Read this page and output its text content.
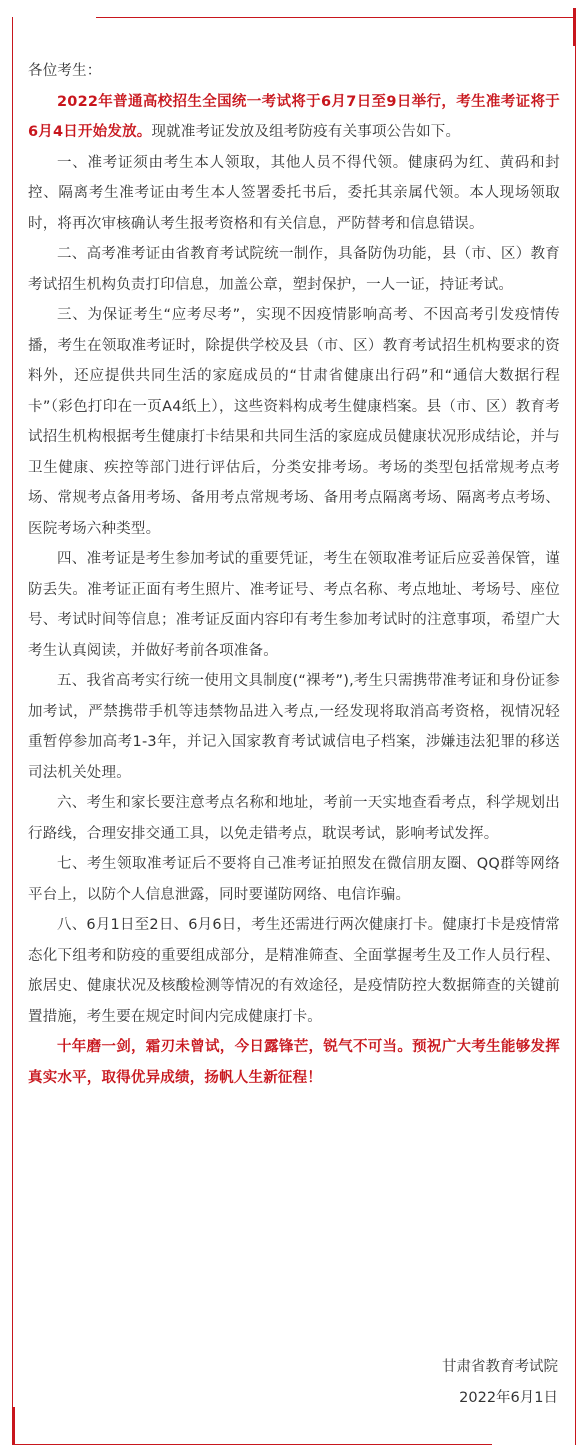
各位考生：

2022年普通高校招生全国统一考试将于6月7日至9日举行，考生准考证将于6月4日开始发放。现就准考证发放及组考防疫有关事项公告如下。

一、准考证须由考生本人领取，其他人员不得代领。健康码为红、黄码和封控、隔离考生准考证由考生本人签署委托书后，委托其亲属代领。本人现场领取时，将再次审核确认考生报考资格和有关信息，严防替考和信息错误。

二、高考准考证由省教育考试院统一制作，具备防伪功能，县（市、区）教育考试招生机构负责打印信息，加盖公章，塑封保护，一人一证，持证考试。

三、为保证考生“应考尽考”，实现不因疫情影响高考、不因高考引发疫情传播，考生在领取准考证时，除提供学校及县（市、区）教育考试招生机构要求的资料外，还应提供共同生活的家庭成员的“甘肃省健康出行码”和“通信大数据行程卡”（彩色打印在一页A4纸上），这些资料构成考生健康档案。县（市、区）教育考试招生机构根据考生健康打卡结果和共同生活的家庭成员健康状况形成结论，并与卫生健康、疾控等部门进行评估后，分类安排考场。考场的类型包括常规考点考场、常规考点备用考场、备用考点常规考场、备用考点隔离考场、隔离考点考场、医院考场六种类型。

四、准考证是考生参加考试的重要凭证，考生在领取准考证后应妥善保管，谨防丢失。准考证正面有考生照片、准考证号、考点名称、考点地址、考场号、座位号、考试时间等信息；准考证反面内容印有考生参加考试时的注意事项，希望广大考生认真阅读，并做好考前各项准备。

五、我省高考实行统一使用文具制度(“裸考”),考生只需携带准考证和身份证参加考试，严禁携带手机等违禁物品进入考点,一经发现将取消高考资格，视情况轻重暂停参加高考1-3年，并记入国家教育考试诚信电子档案，涉嫌违法犯罪的移送司法机关处理。

六、考生和家长要注意考点名称和地址，考前一天实地查看考点，科学规划出行路线，合理安排交通工具，以免走错考点，耽误考试，影响考试发挥。

七、考生领取准考证后不要将自己准考证拍照发在微信朋友圈、QQ群等网络平台上，以防个人信息泄露，同时要谨防网络、电信诈骗。

八、6月1日至2日、6月6日，考生还需进行两次健康打卡。健康打卡是疫情常态化下组考和防疫的重要组成部分，是精准筛查、全面掌握考生及工作人员行程、旅居史、健康状况及核酸检测等情况的有效途径，是疫情防控大数据筛查的关键前置措施，考生要在规定时间内完成健康打卡。

十年磨一剑，霜刃未曾试，今日露锋芒，锐气不可当。预祝广大考生能够发挥真实水平，取得优异成绩，扬帆人生新征程！

甘肃省教育考试院
2022年6月1日
